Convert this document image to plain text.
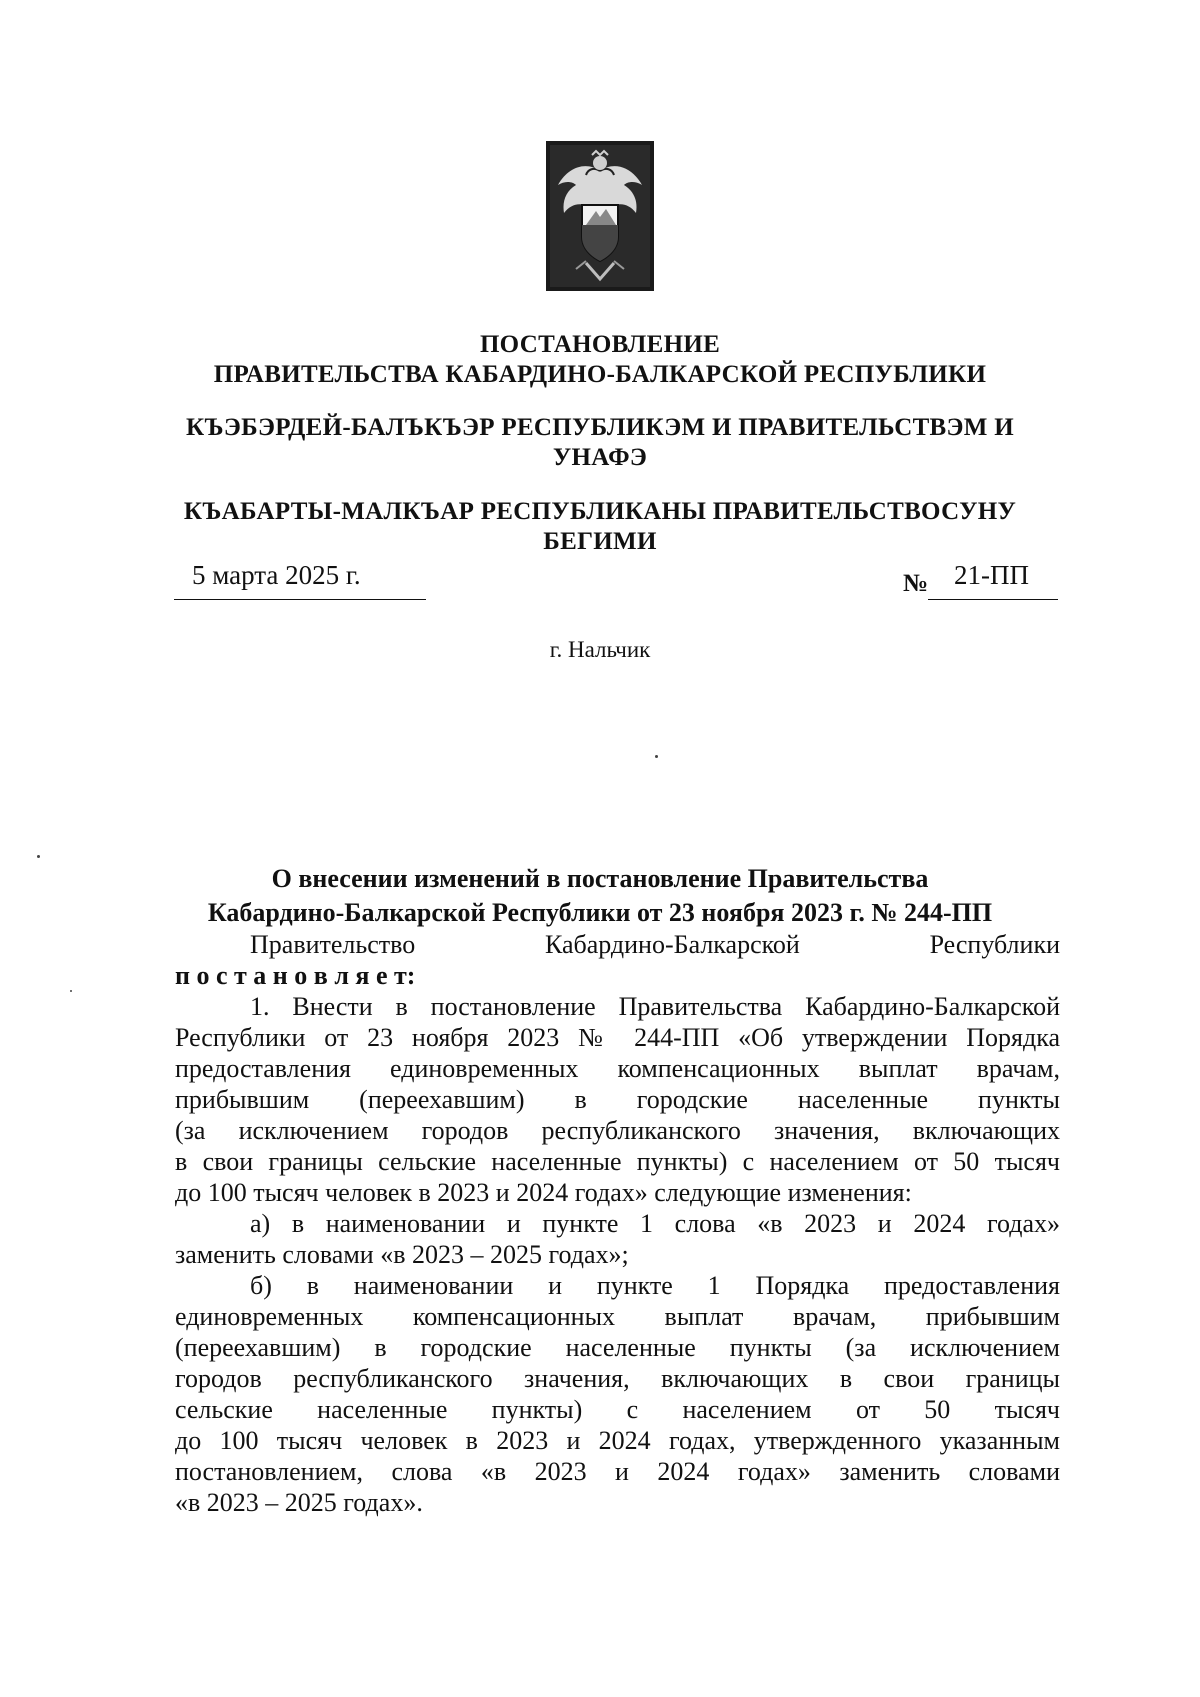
ПОСТАНОВЛЕНИЕ
ПРАВИТЕЛЬСТВА КАБАРДИНО-БАЛКАРСКОЙ РЕСПУБЛИКИ
КЪЭБЭРДЕЙ-БАЛЪКЪЭР РЕСПУБЛИКЭМ И ПРАВИТЕЛЬСТВЭМ И
УНАФЭ
КЪАБАРТЫ-МАЛКЪАР РЕСПУБЛИКАНЫ ПРАВИТЕЛЬСТВОСУНУ
БЕГИМИ
5 марта 2025 г.	№ 21-ПП
г. Нальчик
О внесении изменений в постановление Правительства
Кабардино-Балкарской Республики от 23 ноября 2023 г. № 244-ПП
Правительство	Кабардино-Балкарской	Республики
п о с т а н о в л я е т:
1. Внести в постановление Правительства Кабардино-Балкарской
Республики от 23 ноября 2023 № 244-ПП «Об утверждении Порядка
предоставления единовременных компенсационных выплат врачам,
прибывшим (переехавшим) в городские населенные пункты
(за исключением городов республиканского значения, включающих
в свои границы сельские населенные пункты) с населением от 50 тысяч
до 100 тысяч человек в 2023 и 2024 годах» следующие изменения:
а) в наименовании и пункте 1 слова «в 2023 и 2024 годах»
заменить словами «в 2023 – 2025 годах»;
б) в наименовании и пункте 1 Порядка предоставления
единовременных компенсационных выплат врачам, прибывшим
(переехавшим) в городские населенные пункты (за исключением
городов республиканского значения, включающих в свои границы
сельские населенные пункты) с населением от 50 тысяч
до 100 тысяч человек в 2023 и 2024 годах, утвержденного указанным
постановлением, слова «в 2023 и 2024 годах» заменить словами
«в 2023 – 2025 годах».
